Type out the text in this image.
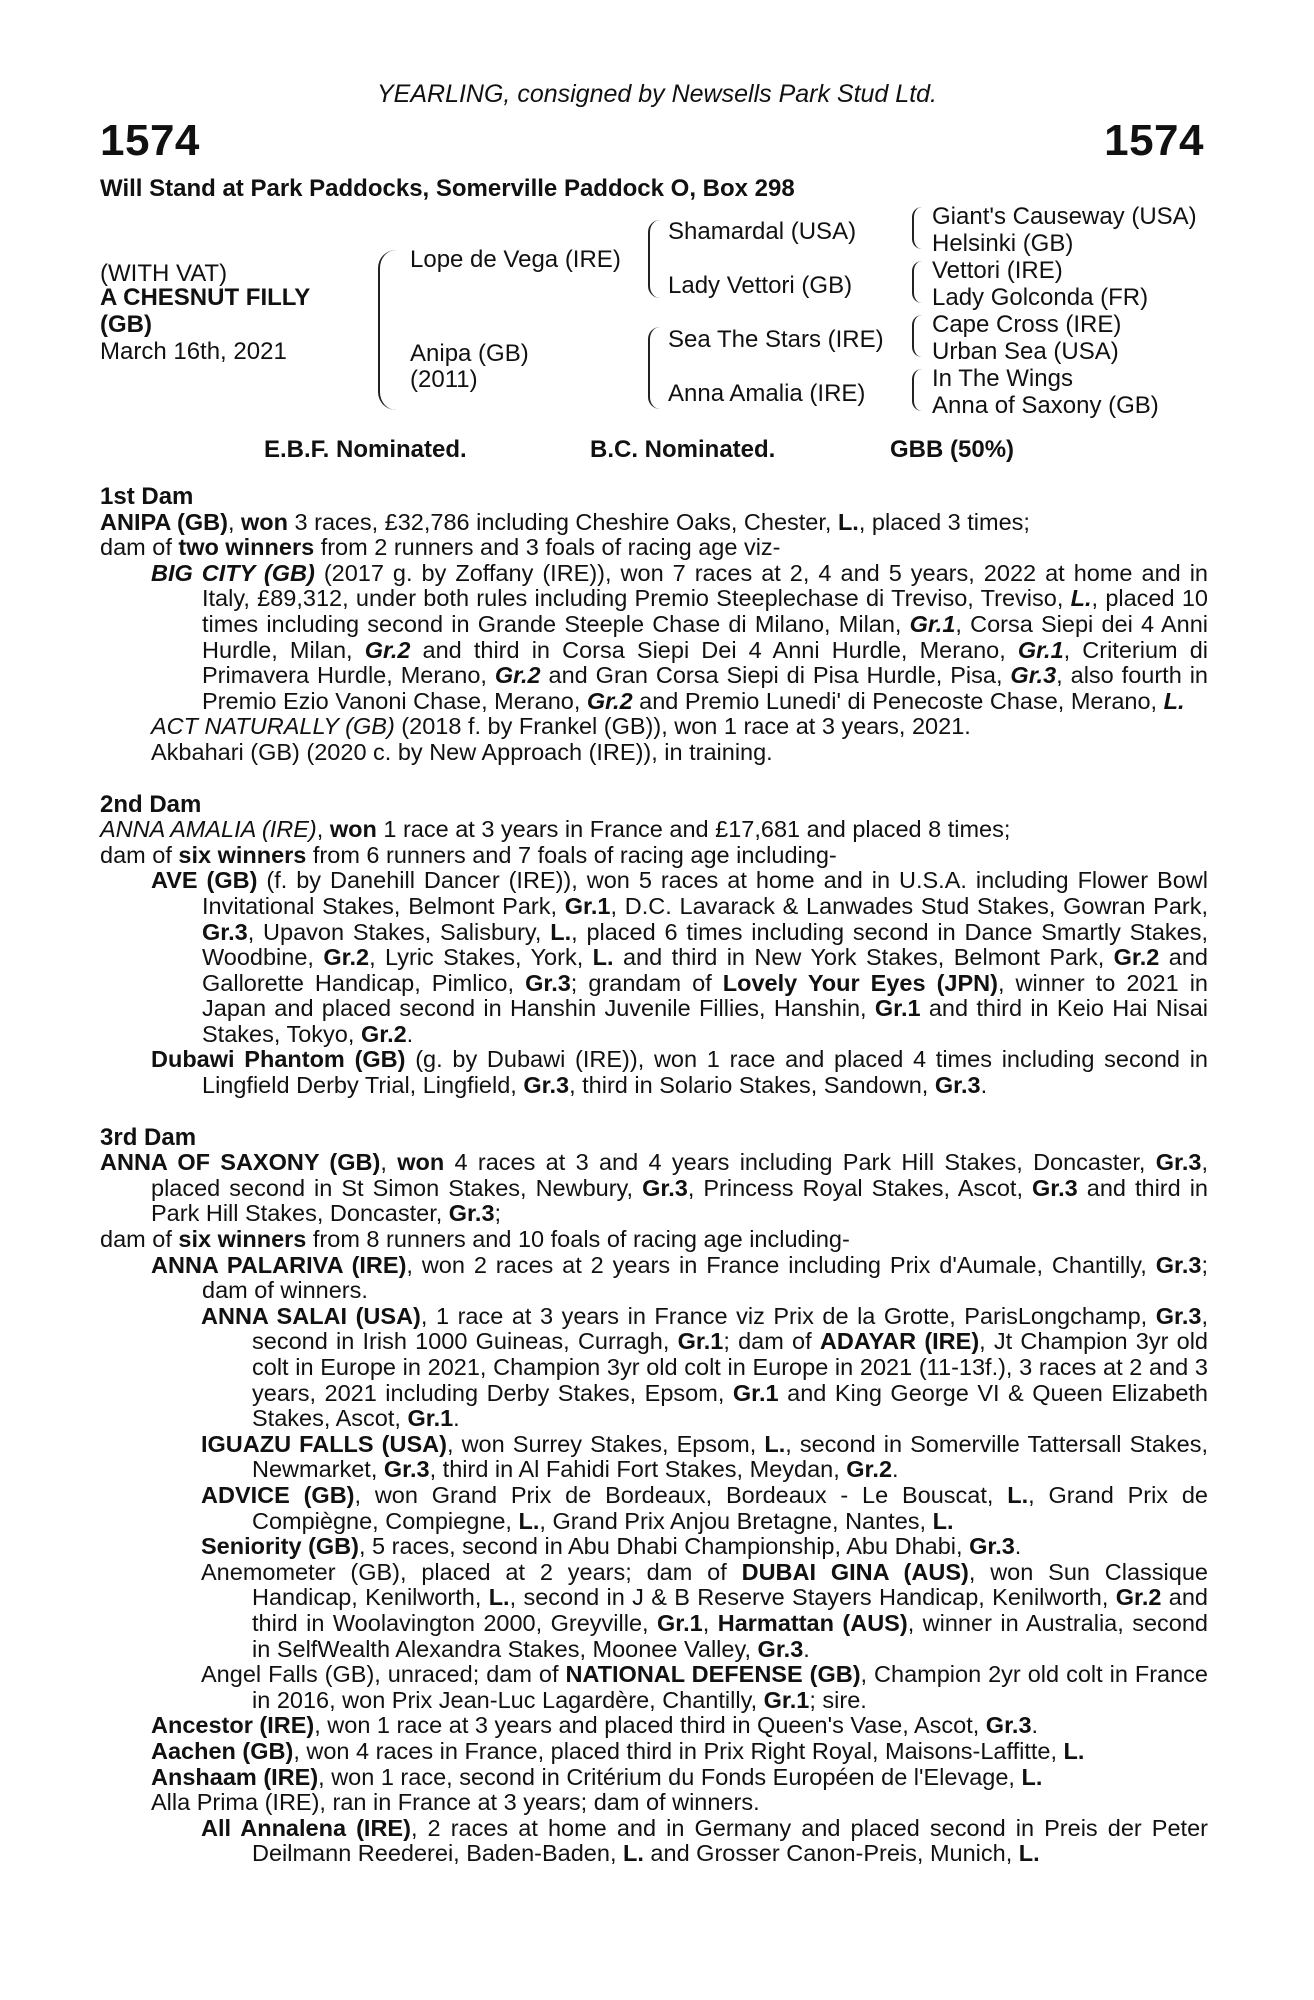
YEARLING, consigned by Newsells Park Stud Ltd.
1574	1574
Will Stand at Park Paddocks, Somerville Paddock O, Box 298
(WITH VAT)
A CHESNUT FILLY
(GB)
March 16th, 2021
Lope de Vega (IRE)
Anipa (GB)
(2011)
Shamardal (USA)
Lady Vettori (GB)
Sea The Stars (IRE)
Anna Amalia (IRE)
Giant's Causeway (USA)
Helsinki (GB)
Vettori (IRE)
Lady Golconda (FR)
Cape Cross (IRE)
Urban Sea (USA)
In The Wings
Anna of Saxony (GB)
E.B.F. Nominated.	B.C. Nominated.	GBB (50%)
1st Dam
ANIPA (GB), won 3 races, £32,786 including Cheshire Oaks, Chester, L., placed 3 times;
dam of two winners from 2 runners and 3 foals of racing age viz-
BIG CITY (GB) (2017 g. by Zoffany (IRE)), won 7 races at 2, 4 and 5 years, 2022 at home and in Italy, £89,312, under both rules including Premio Steeplechase di Treviso, Treviso, L., placed 10 times including second in Grande Steeple Chase di Milano, Milan, Gr.1, Corsa Siepi dei 4 Anni Hurdle, Milan, Gr.2 and third in Corsa Siepi Dei 4 Anni Hurdle, Merano, Gr.1, Criterium di Primavera Hurdle, Merano, Gr.2 and Gran Corsa Siepi di Pisa Hurdle, Pisa, Gr.3, also fourth in Premio Ezio Vanoni Chase, Merano, Gr.2 and Premio Lunedi' di Penecoste Chase, Merano, L.
ACT NATURALLY (GB) (2018 f. by Frankel (GB)), won 1 race at 3 years, 2021.
Akbahari (GB) (2020 c. by New Approach (IRE)), in training.
2nd Dam
ANNA AMALIA (IRE), won 1 race at 3 years in France and £17,681 and placed 8 times;
dam of six winners from 6 runners and 7 foals of racing age including-
AVE (GB) (f. by Danehill Dancer (IRE)), won 5 races at home and in U.S.A. including Flower Bowl Invitational Stakes, Belmont Park, Gr.1, D.C. Lavarack & Lanwades Stud Stakes, Gowran Park, Gr.3, Upavon Stakes, Salisbury, L., placed 6 times including second in Dance Smartly Stakes, Woodbine, Gr.2, Lyric Stakes, York, L. and third in New York Stakes, Belmont Park, Gr.2 and Gallorette Handicap, Pimlico, Gr.3; grandam of Lovely Your Eyes (JPN), winner to 2021 in Japan and placed second in Hanshin Juvenile Fillies, Hanshin, Gr.1 and third in Keio Hai Nisai Stakes, Tokyo, Gr.2.
Dubawi Phantom (GB) (g. by Dubawi (IRE)), won 1 race and placed 4 times including second in Lingfield Derby Trial, Lingfield, Gr.3, third in Solario Stakes, Sandown, Gr.3.
3rd Dam
ANNA OF SAXONY (GB), won 4 races at 3 and 4 years including Park Hill Stakes, Doncaster, Gr.3, placed second in St Simon Stakes, Newbury, Gr.3, Princess Royal Stakes, Ascot, Gr.3 and third in Park Hill Stakes, Doncaster, Gr.3;
dam of six winners from 8 runners and 10 foals of racing age including-
ANNA PALARIVA (IRE), won 2 races at 2 years in France including Prix d'Aumale, Chantilly, Gr.3; dam of winners.
ANNA SALAI (USA), 1 race at 3 years in France viz Prix de la Grotte, ParisLongchamp, Gr.3, second in Irish 1000 Guineas, Curragh, Gr.1; dam of ADAYAR (IRE), Jt Champion 3yr old colt in Europe in 2021, Champion 3yr old colt in Europe in 2021 (11-13f.), 3 races at 2 and 3 years, 2021 including Derby Stakes, Epsom, Gr.1 and King George VI & Queen Elizabeth Stakes, Ascot, Gr.1.
IGUAZU FALLS (USA), won Surrey Stakes, Epsom, L., second in Somerville Tattersall Stakes, Newmarket, Gr.3, third in Al Fahidi Fort Stakes, Meydan, Gr.2.
ADVICE (GB), won Grand Prix de Bordeaux, Bordeaux - Le Bouscat, L., Grand Prix de Compiègne, Compiegne, L., Grand Prix Anjou Bretagne, Nantes, L.
Seniority (GB), 5 races, second in Abu Dhabi Championship, Abu Dhabi, Gr.3.
Anemometer (GB), placed at 2 years; dam of DUBAI GINA (AUS), won Sun Classique Handicap, Kenilworth, L., second in J & B Reserve Stayers Handicap, Kenilworth, Gr.2 and third in Woolavington 2000, Greyville, Gr.1, Harmattan (AUS), winner in Australia, second in SelfWealth Alexandra Stakes, Moonee Valley, Gr.3.
Angel Falls (GB), unraced; dam of NATIONAL DEFENSE (GB), Champion 2yr old colt in France in 2016, won Prix Jean-Luc Lagardère, Chantilly, Gr.1; sire.
Ancestor (IRE), won 1 race at 3 years and placed third in Queen's Vase, Ascot, Gr.3.
Aachen (GB), won 4 races in France, placed third in Prix Right Royal, Maisons-Laffitte, L.
Anshaam (IRE), won 1 race, second in Critérium du Fonds Européen de l'Elevage, L.
Alla Prima (IRE), ran in France at 3 years; dam of winners.
All Annalena (IRE), 2 races at home and in Germany and placed second in Preis der Peter Deilmann Reederei, Baden-Baden, L. and Grosser Canon-Preis, Munich, L.
